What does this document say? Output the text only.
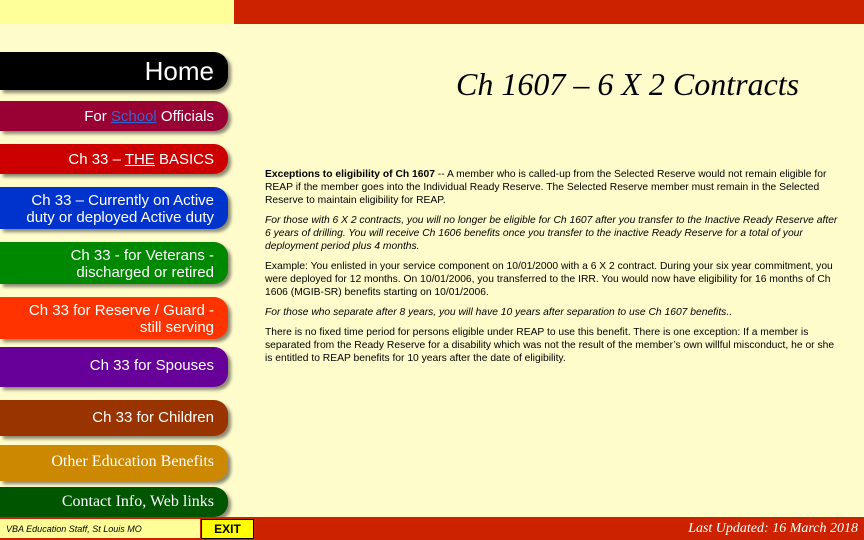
Home
For School Officials
Ch 33 – THE BASICS
Ch 33 – Currently on Active
duty or deployed Active duty
Ch 33 - for Veterans -
discharged or retired
Ch 33 for Reserve / Guard -
still serving
Ch 33 for Spouses
Ch 33 for Children
Other Education Benefits
Contact Info, Web links
Ch 1607 – 6 X 2 Contracts

Exceptions to eligibility of Ch 1607 -- A member who is called-up from the Selected Reserve would not remain eligible for REAP if the member goes into the Individual Ready Reserve. The Selected Reserve member must remain in the Selected Reserve to maintain eligibility for REAP.

For those with 6 X 2 contracts, you will no longer be eligible for Ch 1607 after you transfer to the Inactive Ready Reserve after 6 years of drilling. You will receive Ch 1606 benefits once you transfer to the inactive Ready Reserve for a total of your deployment period plus 4 months.

Example: You enlisted in your service component on 10/01/2000 with a 6 X 2 contract. During your six year commitment, you were deployed for 12 months. On 10/01/2006, you transferred to the IRR. You would now have eligibility for 16 months of Ch 1606 (MGIB-SR) benefits starting on 10/01/2006.

For those who separate after 8 years, you will have 10 years after separation to use Ch 1607 benefits..

There is no fixed time period for persons eligible under REAP to use this benefit. There is one exception: If a member is separated from the Ready Reserve for a disability which was not the result of the member’s own willful misconduct, he or she is entitled to REAP benefits for 10 years after the date of eligibility.

VBA Education Staff, St Louis MO	EXIT	Last Updated: 16 March 2018
